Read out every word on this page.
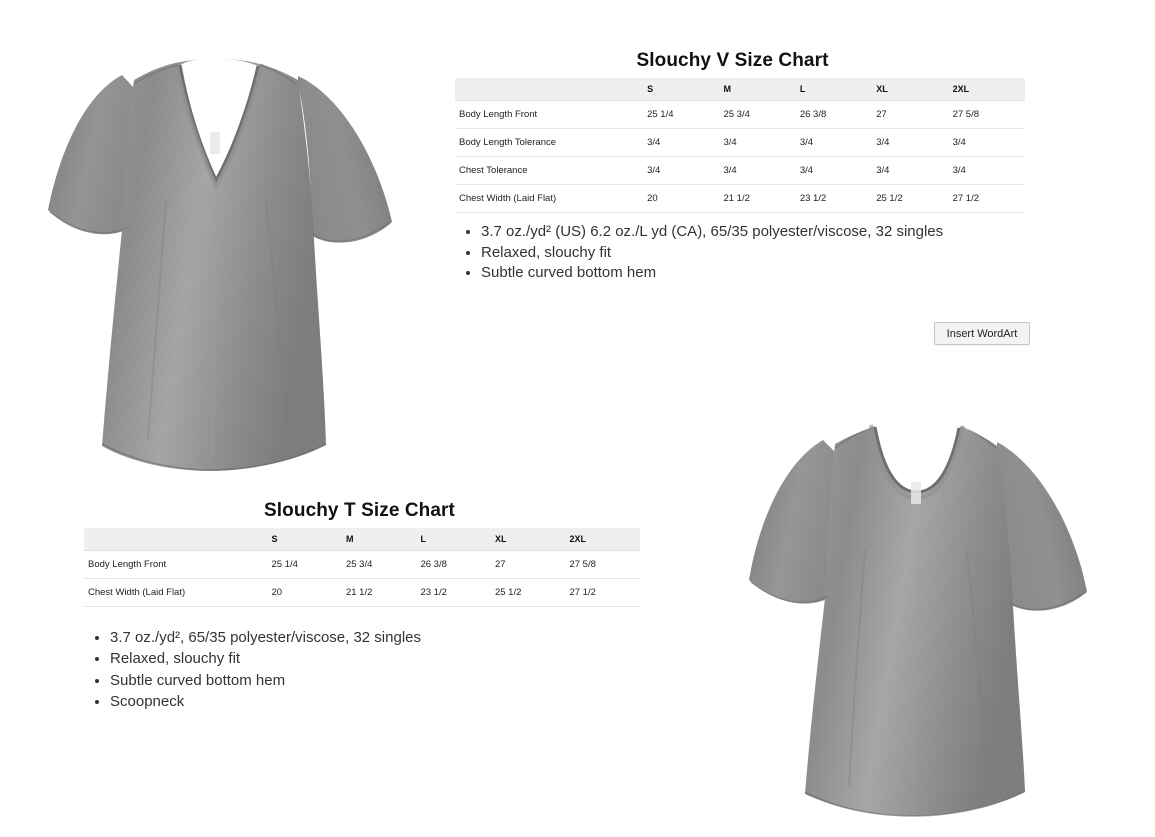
Slouchy V Size Chart
	S	M	L	XL	2XL
Body Length Front	25 1/4	25 3/4	26 3/8	27	27 5/8
Body Length Tolerance	3/4	3/4	3/4	3/4	3/4
Chest Tolerance	3/4	3/4	3/4	3/4	3/4
Chest Width (Laid Flat)	20	21 1/2	23 1/2	25 1/2	27 1/2
• 3.7 oz./yd² (US) 6.2 oz./L yd (CA), 65/35 polyester/viscose, 32 singles
• Relaxed, slouchy fit
• Subtle curved bottom hem
Insert WordArt
Slouchy T Size Chart
	S	M	L	XL	2XL
Body Length Front	25 1/4	25 3/4	26 3/8	27	27 5/8
Chest Width (Laid Flat)	20	21 1/2	23 1/2	25 1/2	27 1/2
• 3.7 oz./yd², 65/35 polyester/viscose, 32 singles
• Relaxed, slouchy fit
• Subtle curved bottom hem
• Scoopneck
